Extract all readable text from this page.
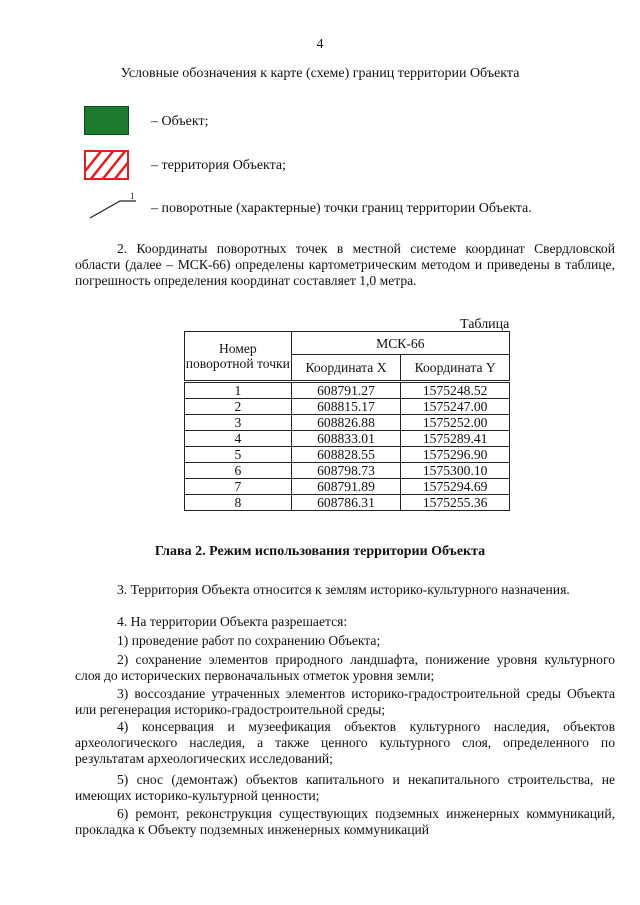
4
Условные обозначения к карте (схеме) границ территории Объекта
– Объект;
– территория Объекта;
1
– поворотные (характерные) точки границ территории Объекта.
2. Координаты поворотных точек в местной системе координат Свердловской области (далее – МСК-66) определены картометрическим методом и приведены в таблице, погрешность определения координат составляет 1,0 метра.
Таблица
Номер поворотной точки	МСК-66	
	Координата X	Координата Y
1	608791.27	1575248.52
2	608815.17	1575247.00
3	608826.88	1575252.00
4	608833.01	1575289.41
5	608828.55	1575296.90
6	608798.73	1575300.10
7	608791.89	1575294.69
8	608786.31	1575255.36
Глава 2. Режим использования территории Объекта
3. Территория Объекта относится к землям историко-культурного назначения.
4. На территории Объекта разрешается:
1) проведение работ по сохранению Объекта;
2) сохранение элементов природного ландшафта, понижение уровня культурного слоя до исторических первоначальных отметок уровня земли;
3) воссоздание утраченных элементов историко-градостроительной среды Объекта или регенерация историко-градостроительной среды;
4) консервация и музеефикация объектов культурного наследия, объектов археологического наследия, а также ценного культурного слоя, определенного по результатам археологических исследований;
5) снос (демонтаж) объектов капитального и некапитального строительства, не имеющих историко-культурной ценности;
6) ремонт, реконструкция существующих подземных инженерных коммуникаций, прокладка к Объекту подземных инженерных коммуникаций
